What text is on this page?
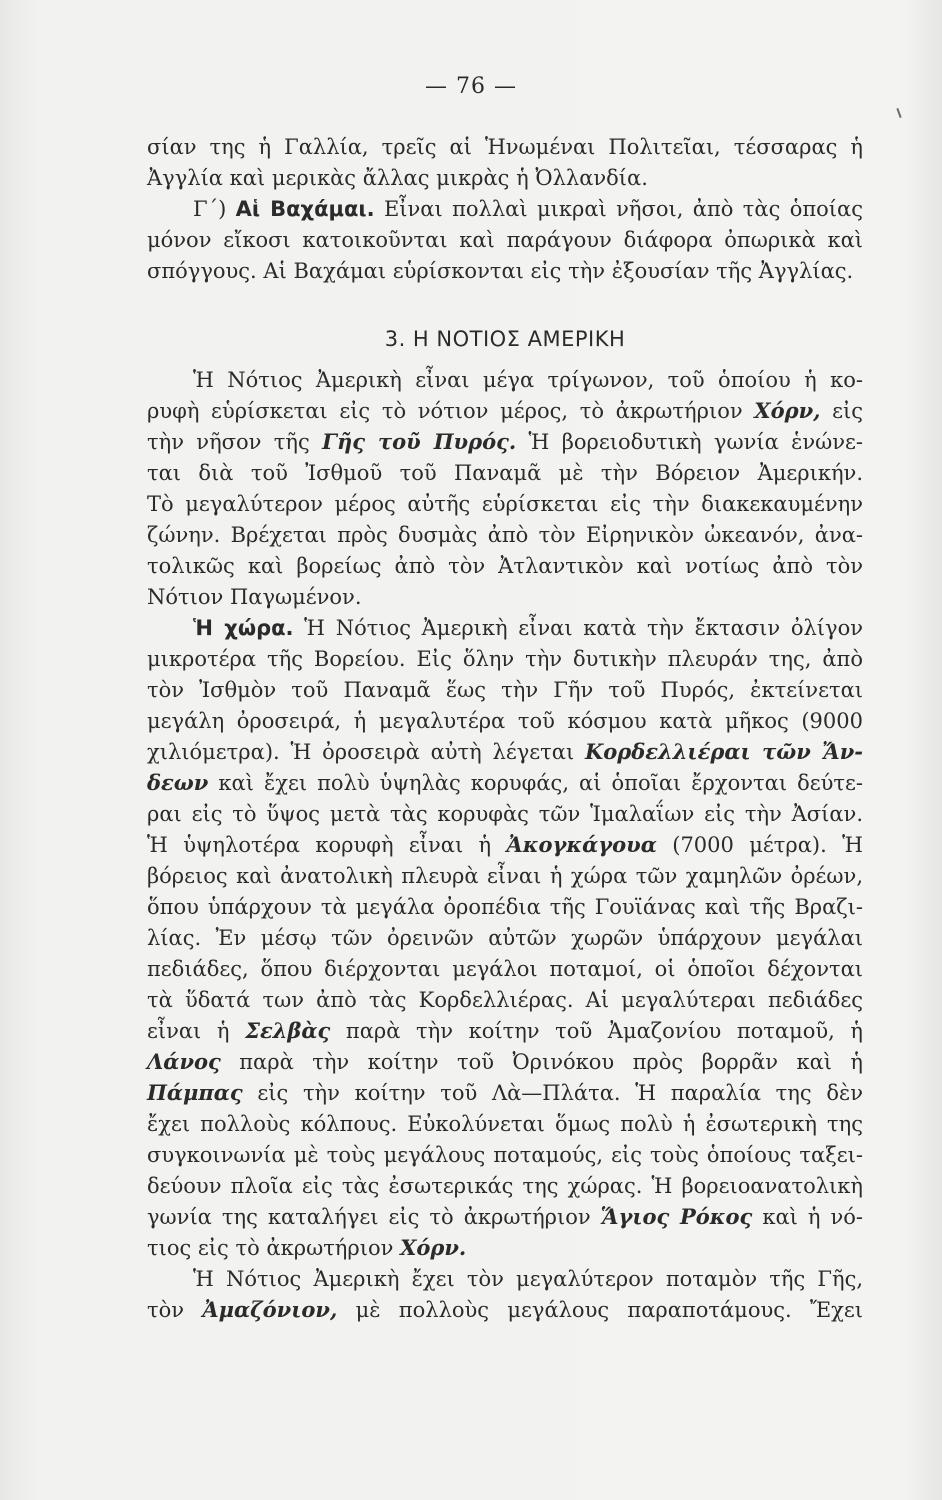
— 76 —
σίαν της ἡ Γαλλία, τρεῖς αἱ Ἡνωμέναι Πολιτεῖαι, τέσσαρας ἡ
Ἀγγλία καὶ μερικὰς ἄλλας μικρὰς ἡ Ὀλλανδία.
Γ΄) Αἱ Βαχάμαι. Εἶναι πολλαὶ μικραὶ νῆσοι, ἀπὸ τὰς ὁποίας
μόνον εἴκοσι κατοικοῦνται καὶ παράγουν διάφορα ὀπωρικὰ καὶ
σπόγγους. Αἱ Βαχάμαι εὑρίσκονται εἰς τὴν ἐξουσίαν τῆς Ἀγγλίας.
3. Η ΝΟΤΙΟΣ ΑΜΕΡΙΚΗ
Ἡ Νότιος Ἀμερικὴ εἶναι μέγα τρίγωνον, τοῦ ὁποίου ἡ κο-
ρυφὴ εὑρίσκεται εἰς τὸ νότιον μέρος, τὸ ἀκρωτήριον Χόρν, εἰς
τὴν νῆσον τῆς Γῆς τοῦ Πυρός. Ἡ βορειοδυτικὴ γωνία ἑνώνε-
ται διὰ τοῦ Ἰσθμοῦ τοῦ Παναμᾶ μὲ τὴν Βόρειον Ἀμερικήν.
Τὸ μεγαλύτερον μέρος αὐτῆς εὑρίσκεται εἰς τὴν διακεκαυμένην
ζώνην. Βρέχεται πρὸς δυσμὰς ἀπὸ τὸν Εἰρηνικὸν ὠκεανόν, ἀνα-
τολικῶς καὶ βορείως ἀπὸ τὸν Ἀτλαντικὸν καὶ νοτίως ἀπὸ τὸν
Νότιον Παγωμένον.
Ἡ χώρα. Ἡ Νότιος Ἀμερικὴ εἶναι κατὰ τὴν ἔκτασιν ὀλίγον
μικροτέρα τῆς Βορείου. Εἰς ὅλην τὴν δυτικὴν πλευράν της, ἀπὸ
τὸν Ἰσθμὸν τοῦ Παναμᾶ ἕως τὴν Γῆν τοῦ Πυρός, ἐκτείνεται
μεγάλη ὀροσειρά, ἡ μεγαλυτέρα τοῦ κόσμου κατὰ μῆκος (9000
χιλιόμετρα). Ἡ ὀροσειρὰ αὐτὴ λέγεται Κορδελλιέραι τῶν Ἄν-
δεων καὶ ἔχει πολὺ ὑψηλὰς κορυφάς, αἱ ὁποῖαι ἔρχονται δεύτε-
ραι εἰς τὸ ὕψος μετὰ τὰς κορυφὰς τῶν Ἱμαλαΐων εἰς τὴν Ἀσίαν.
Ἡ ὑψηλοτέρα κορυφὴ εἶναι ἡ Ἀκογκάγουα (7000 μέτρα). Ἡ
βόρειος καὶ ἀνατολικὴ πλευρὰ εἶναι ἡ χώρα τῶν χαμηλῶν ὀρέων,
ὅπου ὑπάρχουν τὰ μεγάλα ὀροπέδια τῆς Γουϊάνας καὶ τῆς Βραζι-
λίας. Ἐν μέσῳ τῶν ὀρεινῶν αὐτῶν χωρῶν ὑπάρχουν μεγάλαι
πεδιάδες, ὅπου διέρχονται μεγάλοι ποταμοί, οἱ ὁποῖοι δέχονται
τὰ ὕδατά των ἀπὸ τὰς Κορδελλιέρας. Αἱ μεγαλύτεραι πεδιάδες
εἶναι ἡ Σελβὰς παρὰ τὴν κοίτην τοῦ Ἀμαζονίου ποταμοῦ, ἡ
Λάνος παρὰ τὴν κοίτην τοῦ Ὀρινόκου πρὸς βορρᾶν καὶ ἡ
Πάμπας εἰς τὴν κοίτην τοῦ Λὰ—Πλάτα. Ἡ παραλία της δὲν
ἔχει πολλοὺς κόλπους. Εὐκολύνεται ὅμως πολὺ ἡ ἐσωτερικὴ της
συγκοινωνία μὲ τοὺς μεγάλους ποταμούς, εἰς τοὺς ὁποίους ταξει-
δεύουν πλοῖα εἰς τὰς ἐσωτερικάς της χώρας. Ἡ βορειοανατολικὴ
γωνία της καταλήγει εἰς τὸ ἀκρωτήριον Ἅγιος Ρόκος καὶ ἡ νό-
τιος εἰς τὸ ἀκρωτήριον Χόρν.
Ἡ Νότιος Ἀμερικὴ ἔχει τὸν μεγαλύτερον ποταμὸν τῆς Γῆς,
τὸν Ἀμαζόνιον, μὲ πολλοὺς μεγάλους παραποτάμους. Ἔχει
